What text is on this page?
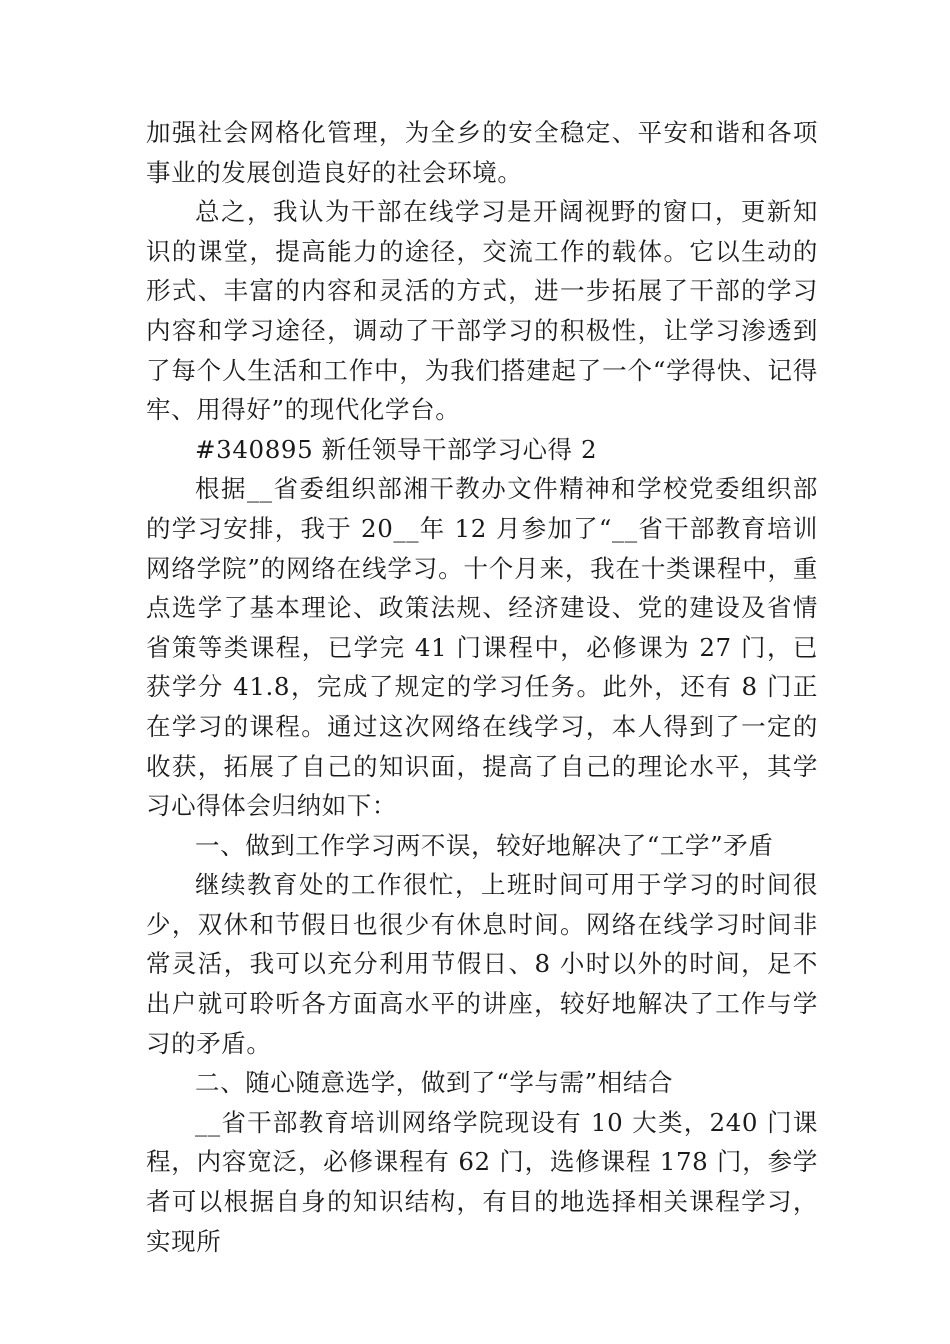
加强社会网格化管理，为全乡的安全稳定、平安和谐和各项事业的发展创造良好的社会环境。

总之，我认为干部在线学习是开阔视野的窗口，更新知识的课堂，提高能力的途径，交流工作的载体。它以生动的形式、丰富的内容和灵活的方式，进一步拓展了干部的学习内容和学习途径，调动了干部学习的积极性，让学习渗透到了每个人生活和工作中，为我们搭建起了一个“学得快、记得牢、用得好”的现代化学台。

#340895 新任领导干部学习心得 2

根据__省委组织部湘干教办文件精神和学校党委组织部的学习安排，我于 20__年 12 月参加了“__省干部教育培训网络学院”的网络在线学习。十个月来，我在十类课程中，重点选学了基本理论、政策法规、经济建设、党的建设及省情省策等类课程，已学完 41 门课程中，必修课为 27 门，已获学分 41.8，完成了规定的学习任务。此外，还有 8 门正在学习的课程。通过这次网络在线学习，本人得到了一定的收获，拓展了自己的知识面，提高了自己的理论水平，其学习心得体会归纳如下：

一、做到工作学习两不误，较好地解决了“工学”矛盾

继续教育处的工作很忙，上班时间可用于学习的时间很少，双休和节假日也很少有休息时间。网络在线学习时间非常灵活，我可以充分利用节假日、8 小时以外的时间，足不出户就可聆听各方面高水平的讲座，较好地解决了工作与学习的矛盾。

二、随心随意选学，做到了“学与需”相结合

__省干部教育培训网络学院现设有 10 大类，240 门课程，内容宽泛，必修课程有 62 门，选修课程 178 门，参学者可以根据自身的知识结构，有目的地选择相关课程学习，实现所
